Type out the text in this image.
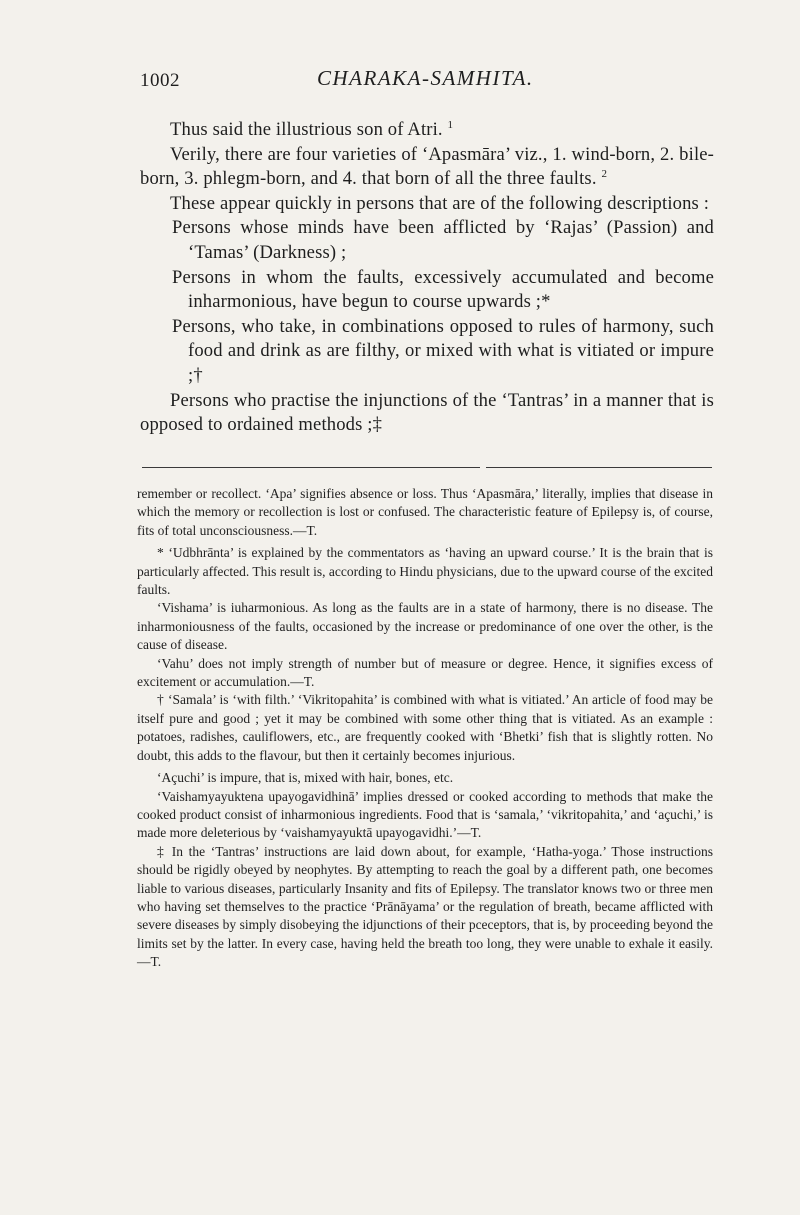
1002	CHARAKA-SAMHITA.

Thus said the illustrious son of Atri. $^1$

Verily, there are four varieties of ‘Apasmāra’ viz., 1. wind-born, 2. bile-born, 3. phlegm-born, and 4. that born of all the three faults. $^2$

These appear quickly in persons that are of the following descriptions :

Persons whose minds have been afflicted by ‘Rajas’ (Passion) and ‘Tamas’ (Darkness) ;

Persons in whom the faults, excessively accumulated and become inharmonious, have begun to course upwards ;*

Persons, who take, in combinations opposed to rules of harmony, such food and drink as are filthy, or mixed with what is vitiated or impure ;†

Persons who practise the injunctions of the ‘Tantras’ in a manner that is opposed to ordained methods ;‡

remember or recollect. ‘Apa’ signifies absence or loss. Thus ‘Apasmāra,’ literally, implies that disease in which the memory or recollection is lost or confused. The characteristic feature of Epilepsy is, of course, fits of total unconsciousness.—T.

* ‘Udbhrānta’ is explained by the commentators as ‘having an upward course.’ It is the brain that is particularly affected. This result is, according to Hindu physicians, due to the upward course of the excited faults.

‘Vishama’ is iuharmonious. As long as the faults are in a state of harmony, there is no disease. The inharmoniousness of the faults, occasioned by the increase or predominance of one over the other, is the cause of disease.

‘Vahu’ does not imply strength of number but of measure or degree. Hence, it signifies excess of excitement or accumulation.—T.

† ‘Samala’ is ‘with filth.’ ‘Vikritopahita’ is combined with what is vitiated.’ An article of food may be itself pure and good ; yet it may be combined with some other thing that is vitiated. As an example : potatoes, radishes, cauliflowers, etc., are frequently cooked with ‘Bhetki’ fish that is slightly rotten. No doubt, this adds to the flavour, but then it certainly becomes injurious.

‘Açuchi’ is impure, that is, mixed with hair, bones, etc.

‘Vaishamyayuktena upayogavidhinā’ implies dressed or cooked according to methods that make the cooked product consist of inharmonious ingredients. Food that is ‘samala,’ ‘vikritopahita,’ and ‘açuchi,’ is made more deleterious by ‘vaishamyayuktā upayogavidhi.’—T.

‡ In the ‘Tantras’ instructions are laid down about, for example, ‘Hatha-yoga.’ Those instructions should be rigidly obeyed by neophytes. By attempting to reach the goal by a different path, one becomes liable to various diseases, particularly Insanity and fits of Epilepsy. The translator knows two or three men who having set themselves to the practice ‘Prānāyama’ or the regulation of breath, became afflicted with severe diseases by simply disobeying the idjunctions of their pceceptors, that is, by proceeding beyond the limits set by the latter. In every case, having held the breath too long, they were unable to exhale it easily.—T.
